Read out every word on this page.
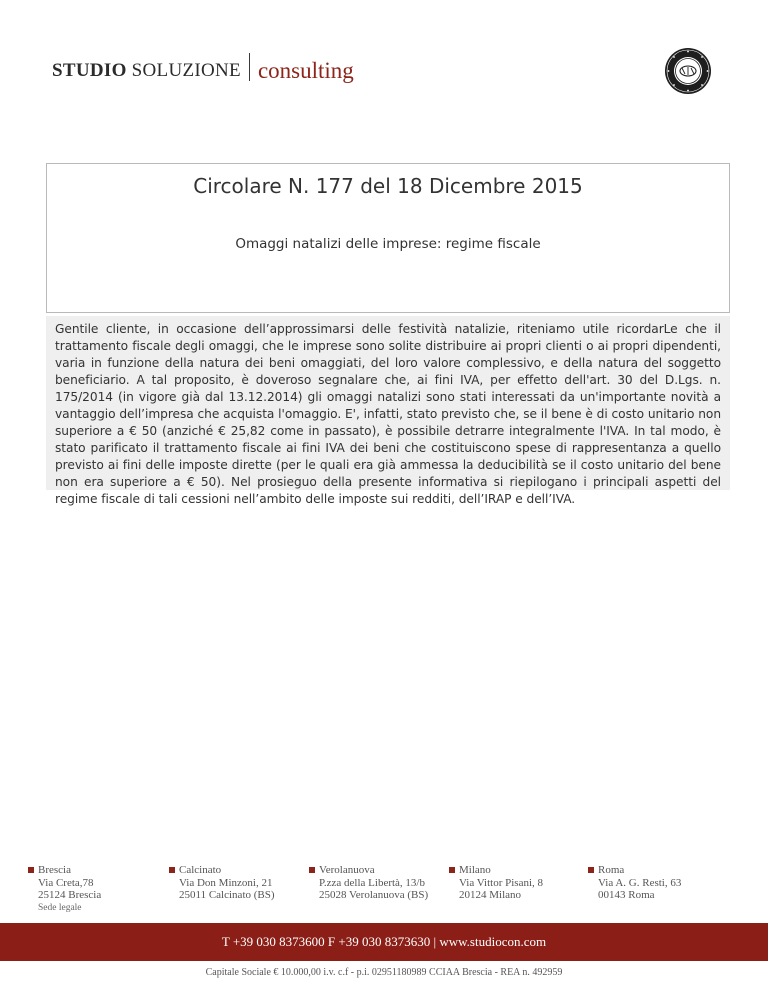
STUDIO SOLUZIONE consulting
Circolare N. 177 del 18 Dicembre 2015
Omaggi natalizi delle imprese: regime fiscale
Gentile cliente, in occasione dell’approssimarsi delle festività natalizie, riteniamo utile ricordarLe che il trattamento fiscale degli omaggi, che le imprese sono solite distribuire ai propri clienti o ai propri dipendenti, varia in funzione della natura dei beni omaggiati, del loro valore complessivo, e della natura del soggetto beneficiario. A tal proposito, è doveroso segnalare che, ai fini IVA, per effetto dell'art. 30 del D.Lgs. n. 175/2014 (in vigore già dal 13.12.2014) gli omaggi natalizi sono stati interessati da un'importante novità a vantaggio dell’impresa che acquista l'omaggio. E', infatti, stato previsto che, se il bene è di costo unitario non superiore a € 50 (anziché € 25,82 come in passato), è possibile detrarre integralmente l'IVA. In tal modo, è stato parificato il trattamento fiscale ai fini IVA dei beni che costituiscono spese di rappresentanza a quello previsto ai fini delle imposte dirette (per le quali era già ammessa la deducibilità se il costo unitario del bene non era superiore a € 50). Nel prosieguo della presente informativa si riepilogano i principali aspetti del regime fiscale di tali cessioni nell’ambito delle imposte sui redditi, dell’IRAP e dell’IVA.
Brescia
Via Creta,78
25124 Brescia
Sede legale
Calcinato
Via Don Minzoni, 21
25011 Calcinato (BS)
Verolanuova
P.zza della Libertà, 13/b
25028 Verolanuova (BS)
Milano
Via Vittor Pisani, 8
20124 Milano
Roma
Via A. G. Resti, 63
00143 Roma
T +39 030 8373600 F +39 030 8373630 | www.studiocon.com
Capitale Sociale € 10.000,00 i.v. c.f - p.i. 02951180989 CCIAA Brescia - REA n. 492959
